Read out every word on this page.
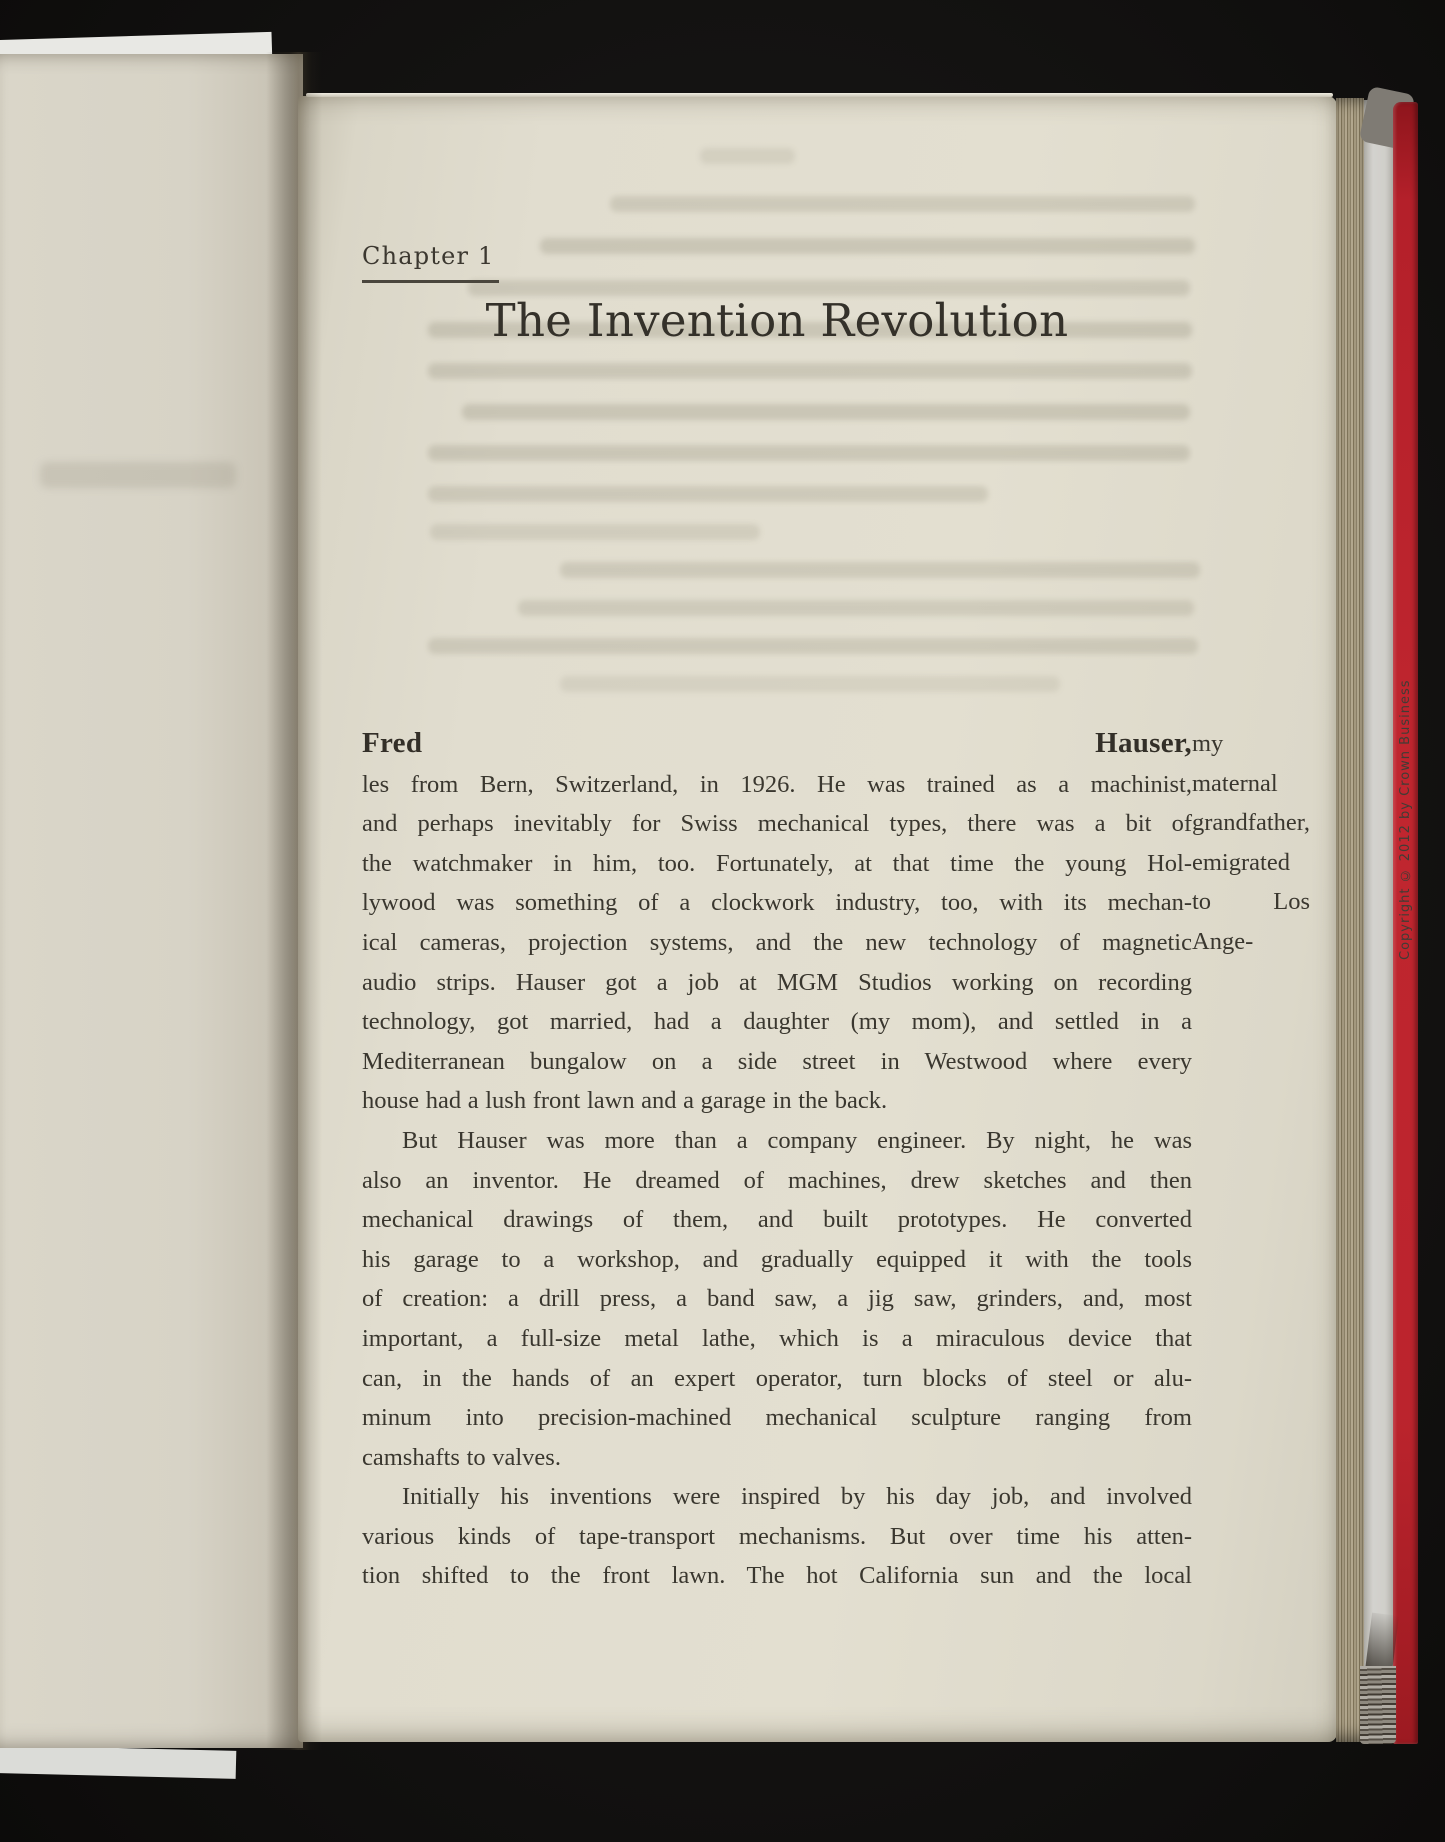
Chapter 1
The Invention Revolution
Fred Hauser, my maternal grandfather, emigrated to Los Ange-
les from Bern, Switzerland, in 1926. He was trained as a machinist,
and perhaps inevitably for Swiss mechanical types, there was a bit of
the watchmaker in him, too. Fortunately, at that time the young Hol-
lywood was something of a clockwork industry, too, with its mechan-
ical cameras, projection systems, and the new technology of magnetic
audio strips. Hauser got a job at MGM Studios working on recording
technology, got married, had a daughter (my mom), and settled in a
Mediterranean bungalow on a side street in Westwood where every
house had a lush front lawn and a garage in the back.
But Hauser was more than a company engineer. By night, he was
also an inventor. He dreamed of machines, drew sketches and then
mechanical drawings of them, and built prototypes. He converted
his garage to a workshop, and gradually equipped it with the tools
of creation: a drill press, a band saw, a jig saw, grinders, and, most
important, a full-size metal lathe, which is a miraculous device that
can, in the hands of an expert operator, turn blocks of steel or alu-
minum into precision-machined mechanical sculpture ranging from
camshafts to valves.
Initially his inventions were inspired by his day job, and involved
various kinds of tape-transport mechanisms. But over time his atten-
tion shifted to the front lawn. The hot California sun and the local
Copyright © 2012 by Crown Business
